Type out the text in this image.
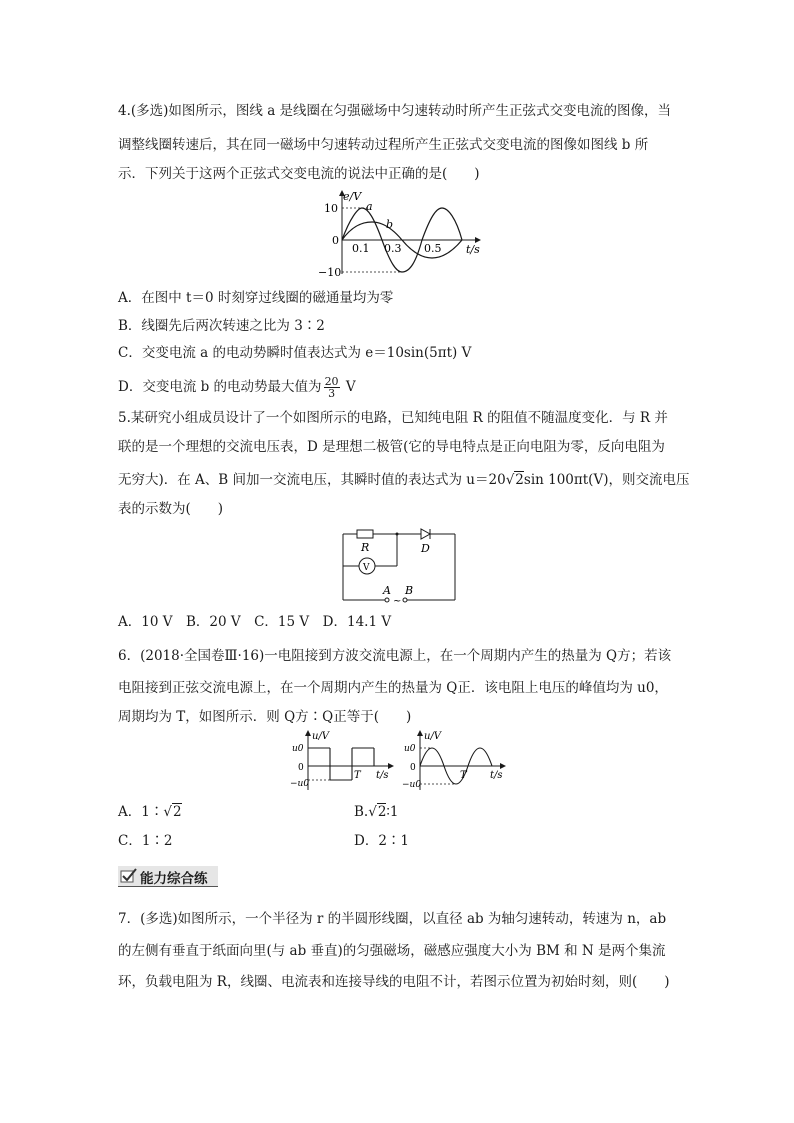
4.(多选)如图所示，图线 a 是线圈在匀强磁场中匀速转动时所产生正弦式交变电流的图像，当
调整线圈转速后，其在同一磁场中匀速转动过程所产生正弦式交变电流的图像如图线 b 所
示．下列关于这两个正弦式交变电流的说法中正确的是(　　)
e/V
t/s
10
0
−10
0.1 0.3 0.5
a
b
A．在图中 t＝0 时刻穿过线圈的磁通量均为零
B．线圈先后两次转速之比为 3∶2
C．交变电流 a 的电动势瞬时值表达式为 e＝10sin(5πt) V
D．交变电流 b 的电动势最大值为 $\frac{20}{3}$ V
5.某研究小组成员设计了一个如图所示的电路，已知纯电阻 R 的阻值不随温度变化．与 R 并
联的是一个理想的交流电压表，D 是理想二极管(它的导电特点是正向电阻为零，反向电阻为
无穷大)．在 A、B 间加一交流电压，其瞬时值的表达式为 u＝20√2sin 100πt(V)，则交流电压
表的示数为(　　)
R	D
V
A B
~
A．10 V　B．20 V　C．15 V　D．14.1 V
6．(2018·全国卷Ⅲ·16)一电阻接到方波交流电源上，在一个周期内产生的热量为 Q方；若该
电阻接到正弦交流电源上，在一个周期内产生的热量为 Q正．该电阻上电压的峰值均为 u0，
周期均为 T，如图所示．则 Q方∶Q正等于(　　)
u/V
t/s
u0
0
−u0
T
u/V
t/s
u0
0
−u0
T
A．1∶√2	B.√2∶1
C．1∶2	D．2∶1
能力综合练
7．(多选)如图所示，一个半径为 r 的半圆形线圈，以直径 ab 为轴匀速转动，转速为 n，ab
的左侧有垂直于纸面向里(与 ab 垂直)的匀强磁场，磁感应强度大小为 BM 和 N 是两个集流
环，负载电阻为 R，线圈、电流表和连接导线的电阻不计，若图示位置为初始时刻，则(　　)
